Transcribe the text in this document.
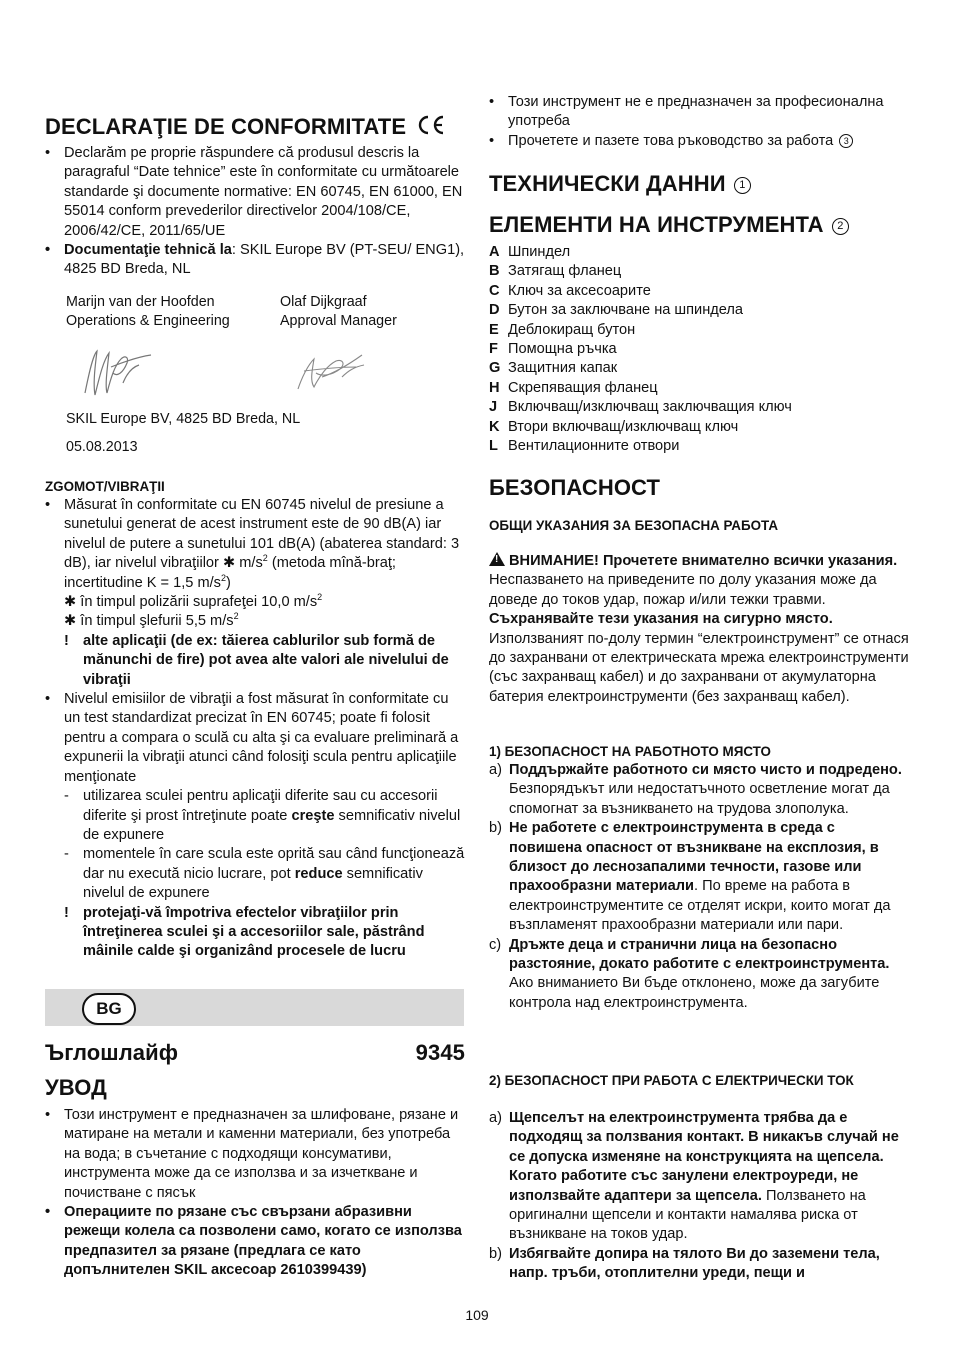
DECLARAŢIE DE CONFORMITATE
• Declarăm pe proprie răspundere că produsul descris la paragraful “Date tehnice” este în conformitate cu următoarele standarde şi documente normative: EN 60745, EN 61000, EN 55014 conform prevederilor directivelor 2004/108/CE, 2006/42/CE, 2011/65/UE
• Documentaţie tehnică la: SKIL Europe BV (PT-SEU/ ENG1), 4825 BD Breda, NL
Marijn van der Hoofden
Operations & Engineering
Olaf Dijkgraaf
Approval Manager
SKIL Europe BV, 4825 BD Breda, NL
05.08.2013
ZGOMOT/VIBRAŢII
• Măsurat în conformitate cu EN 60745 nivelul de presiune a sunetului generat de acest instrument este de 90 dB(A) iar nivelul de putere a sunetului 101 dB(A) (abaterea standard: 3 dB), iar nivelul vibraţiilor ✱ $m/s^2$ (metoda mînă-braţ; incertitudine K = 1,5 $m/s^2$)
✱ în timpul polizării suprafeţei 10,0 $m/s^2$
✱ în timpul şlefurii 5,5 $m/s^2$
! alte aplicaţii (de ex: tăierea cablurilor sub formă de mănunchi de fire) pot avea alte valori ale nivelului de vibraţii
• Nivelul emisiilor de vibraţii a fost măsurat în conformitate cu un test standardizat precizat în EN 60745; poate fi folosit pentru a compara o sculă cu alta şi ca evaluare preliminară a expunerii la vibraţii atunci când folosiţi scula pentru aplicaţiile menţionate
- utilizarea sculei pentru aplicaţii diferite sau cu accesorii diferite şi prost întreţinute poate creşte semnificativ nivelul de expunere
- momentele în care scula este oprită sau când funcţionează dar nu execută nicio lucrare, pot reduce semnificativ nivelul de expunere
! protejaţi-vă împotriva efectelor vibraţiilor prin întreţinerea sculei şi a accesoriilor sale, păstrând mâinile calde şi organizând procesele de lucru
BG
Ъглошлайф	9345
УВОД
• Този инструмент е предназначен за шлифоване, рязане и матиране на метали и каменни материали, без употреба на вода; в съчетание с подходящи консумативи, инструмента може да се използва и за изчеткване и почистване с пясък
• Операциите по рязане със свързани абразивни режещи колела са позволени само, когато се използва предпазител за рязане (предлага се като допълнителен SKIL аксесоар 2610399439)
• Този инструмент не е предназначен за професионална употреба
• Прочетете и пазете това ръководство за работа 3
ТЕХНИЧЕСКИ ДАННИ 1
ЕЛЕМЕНТИ НА ИНСТРУМЕНТА 2
A Шпиндел
B Затягащ фланец
C Ключ за аксесоарите
D Бутон за заключване на шпиндела
E Деблокиращ бутон
F Помощна ръчка
G Защитния капак
H Скрепяващия фланец
J Включващ/изключващ заключващия ключ
K Втори включващ/изключващ ключ
L Вентилационните отвори
БЕЗОПАСНОСТ
ОБЩИ УКАЗАНИЯ ЗА БЕЗОПАСНА РАБОТА
!ВНИМАНИЕ! Прочетете внимателно всички указания. Неспазването на приведените по долу указания може да доведе до токов удар, пожар и/или тежки травми. Съхранявайте тези указания на сигурно място. Използваният по-долу термин “електроинструмент” се отнася до захранвани от електрическата мрежа електроинструменти (със захранващ кабел) и до захранвани от акумулаторна батерия електроинструменти (без захранващ кабел).
1) БЕЗОПАСНОСТ НА РАБОТНОТО МЯСТО
a) Поддържайте работното си място чисто и подредено. Безпорядъкът или недостатъчното осветление могат да спомогнат за възникването на трудова злополука.
b) Не работете с електроинструмента в среда с повишена опасност от възникване на експлозия, в близост до леснозапалими течности, газове или прахообразни материали. По време на работа в електроинструментите се отделят искри, които могат да възпламенят прахообразни материали или пари.
c) Дръжте деца и странични лица на безопасно разстояние, докато работите с електроинструмента. Ако вниманието Ви бъде отклонено, може да загубите контрола над електроинструмента.
2) БЕЗОПАСНОСТ ПРИ РАБОТА С ЕЛЕКТРИЧЕСКИ ТОК
a) Щепселът на електроинструмента трябва да е подходящ за ползвания контакт. В никакъв случай не се допуска изменяне на конструкцията на щепсела. Когато работите със занулени електроуреди, не използвайте адаптери за щепсела. Ползването на оригинални щепсели и контакти намалява риска от възникване на токов удар.
b) Избягвайте допира на тялото Ви до заземени тела, напр. тръби, отоплителни уреди, пещи и
109
